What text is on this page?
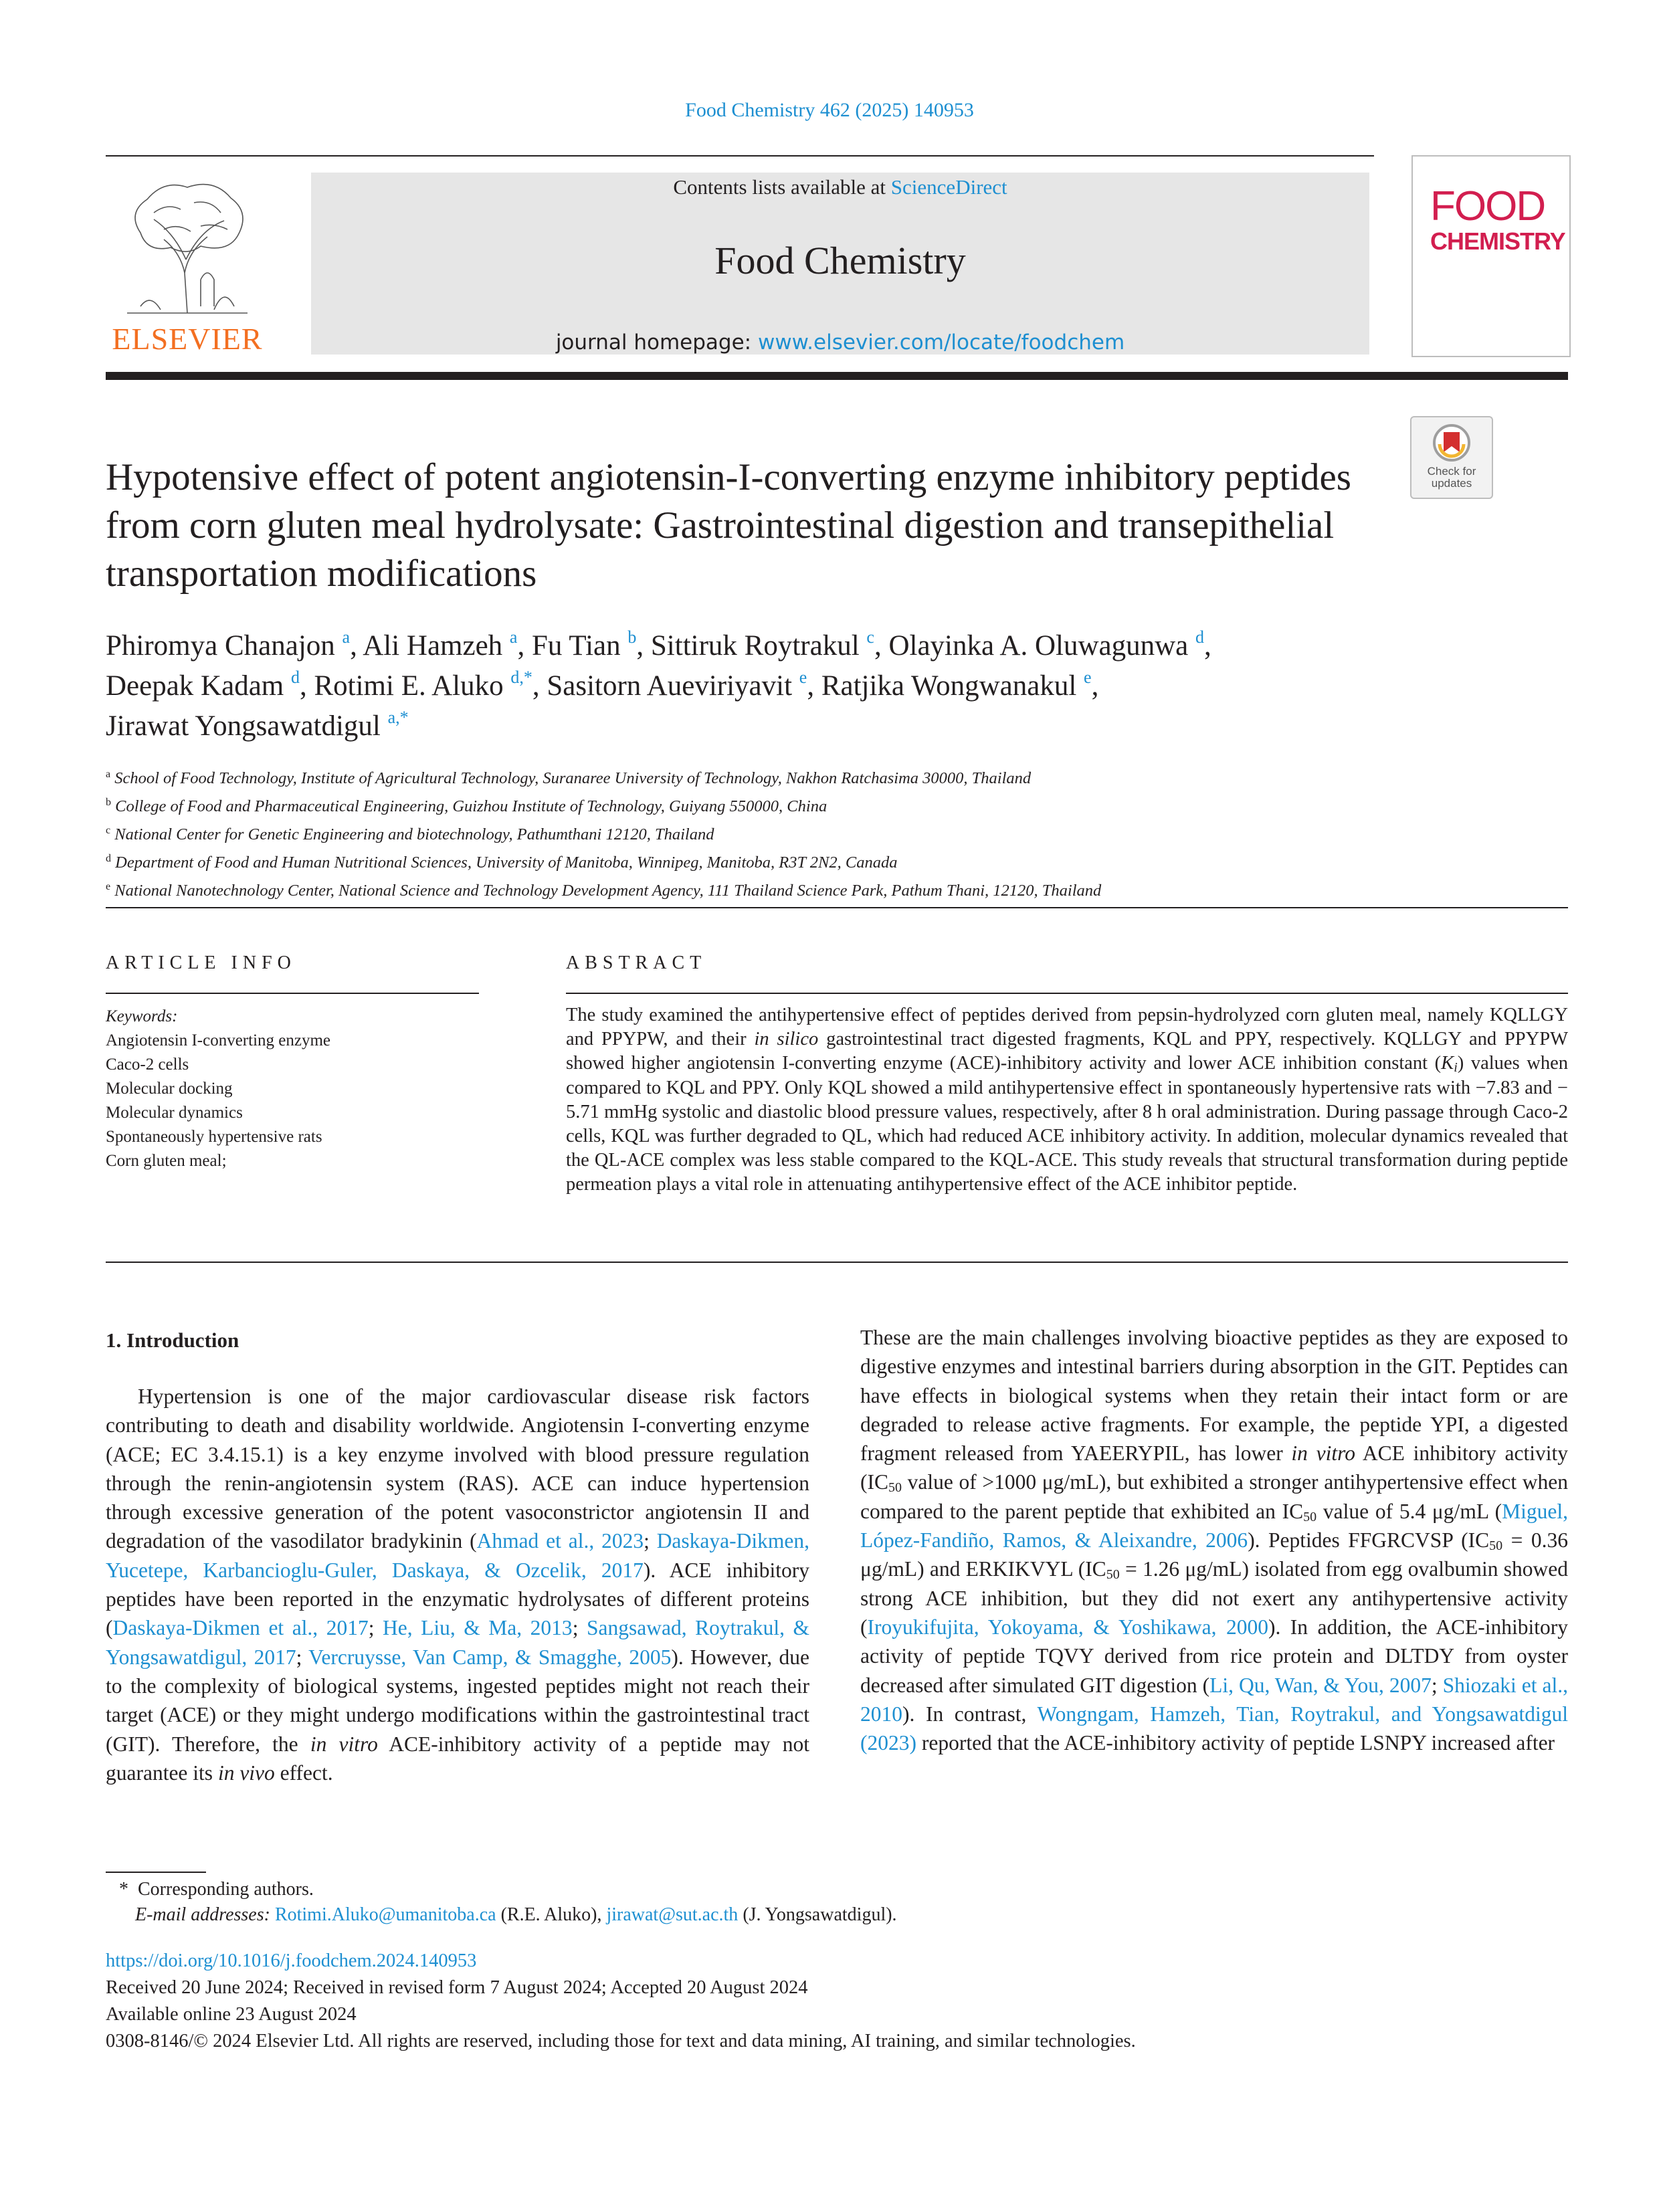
Food Chemistry 462 (2025) 140953
ELSEVIER
Contents lists available at ScienceDirect
Food Chemistry
journal homepage: www.elsevier.com/locate/foodchem
FOOD
CHEMISTRY
Check for updates
Hypotensive effect of potent angiotensin-I-converting enzyme inhibitory peptides from corn gluten meal hydrolysate: Gastrointestinal digestion and transepithelial transportation modifications
Phiromya Chanajon $^a$, Ali Hamzeh $^a$, Fu Tian $^b$, Sittiruk Roytrakul $^c$, Olayinka A. Oluwagunwa $^d$,
Deepak Kadam $^d$, Rotimi E. Aluko $^{d,*}$, Sasitorn Aueviriyavit $^e$, Ratjika Wongwanakul $^e$,
Jirawat Yongsawatdigul $^{a,*}$
$^a$ School of Food Technology, Institute of Agricultural Technology, Suranaree University of Technology, Nakhon Ratchasima 30000, Thailand
$^b$ College of Food and Pharmaceutical Engineering, Guizhou Institute of Technology, Guiyang 550000, China
$^c$ National Center for Genetic Engineering and biotechnology, Pathumthani 12120, Thailand
$^d$ Department of Food and Human Nutritional Sciences, University of Manitoba, Winnipeg, Manitoba, R3T 2N2, Canada
$^e$ National Nanotechnology Center, National Science and Technology Development Agency, 111 Thailand Science Park, Pathum Thani, 12120, Thailand
ARTICLE INFO	ABSTRACT
Keywords:
Angiotensin I-converting enzyme
Caco-2 cells
Molecular docking
Molecular dynamics
Spontaneously hypertensive rats
Corn gluten meal;
The study examined the antihypertensive effect of peptides derived from pepsin-hydrolyzed corn gluten meal, namely KQLLGY and PPYPW, and their in silico gastrointestinal tract digested fragments, KQL and PPY, respectively. KQLLGY and PPYPW showed higher angiotensin I-converting enzyme (ACE)-inhibitory activity and lower ACE inhibition constant $(K_i)$ values when compared to KQL and PPY. Only KQL showed a mild antihypertensive effect in spontaneously hypertensive rats with −7.83 and − 5.71 mmHg systolic and diastolic blood pressure values, respectively, after 8 h oral administration. During passage through Caco-2 cells, KQL was further degraded to QL, which had reduced ACE inhibitory activity. In addition, molecular dynamics revealed that the QL-ACE complex was less stable compared to the KQL-ACE. This study reveals that structural transformation during peptide permeation plays a vital role in attenuating antihypertensive effect of the ACE inhibitor peptide.
1. Introduction
Hypertension is one of the major cardiovascular disease risk factors contributing to death and disability worldwide. Angiotensin I-converting enzyme (ACE; EC 3.4.15.1) is a key enzyme involved with blood pressure regulation through the renin-angiotensin system (RAS). ACE can induce hypertension through excessive generation of the potent vasoconstrictor angiotensin II and degradation of the vasodilator bradykinin (Ahmad et al., 2023; Daskaya-Dikmen, Yucetepe, Karbancioglu-Guler, Daskaya, & Ozcelik, 2017). ACE inhibitory peptides have been reported in the enzymatic hydrolysates of different proteins (Daskaya-Dikmen et al., 2017; He, Liu, & Ma, 2013; Sangsawad, Roytrakul, & Yongsawatdigul, 2017; Vercruysse, Van Camp, & Smagghe, 2005). However, due to the complexity of biological systems, ingested peptides might not reach their target (ACE) or they might undergo modifications within the gastrointestinal tract (GIT). Therefore, the in vitro ACE-inhibitory activity of a peptide may not guarantee its in vivo effect.
These are the main challenges involving bioactive peptides as they are exposed to digestive enzymes and intestinal barriers during absorption in the GIT. Peptides can have effects in biological systems when they retain their intact form or are degraded to release active fragments. For example, the peptide YPI, a digested fragment released from YAEERYPIL, has lower in vitro ACE inhibitory activity ($IC_{50}$ value of >1000 μg/mL), but exhibited a stronger antihypertensive effect when compared to the parent peptide that exhibited an $IC_{50}$ value of 5.4 μg/mL (Miguel, López-Fandiño, Ramos, & Aleixandre, 2006). Peptides FFGRCVSP ($IC_{50} = 0.36$ μg/mL) and ERKIKVYL ($IC_{50} = 1.26$ μg/mL) isolated from egg ovalbumin showed strong ACE inhibition, but they did not exert any antihypertensive activity (Iroyukifujita, Yokoyama, & Yoshikawa, 2000). In addition, the ACE-inhibitory activity of peptide TQVY derived from rice protein and DLTDY from oyster decreased after simulated GIT digestion (Li, Qu, Wan, & You, 2007; Shiozaki et al., 2010). In contrast, Wongngam, Hamzeh, Tian, Roytrakul, and Yongsawatdigul (2023) reported that the ACE-inhibitory activity of peptide LSNPY increased after
* Corresponding authors.
E-mail addresses: Rotimi.Aluko@umanitoba.ca (R.E. Aluko), jirawat@sut.ac.th (J. Yongsawatdigul).
https://doi.org/10.1016/j.foodchem.2024.140953
Received 20 June 2024; Received in revised form 7 August 2024; Accepted 20 August 2024
Available online 23 August 2024
0308-8146/© 2024 Elsevier Ltd. All rights are reserved, including those for text and data mining, AI training, and similar technologies.
